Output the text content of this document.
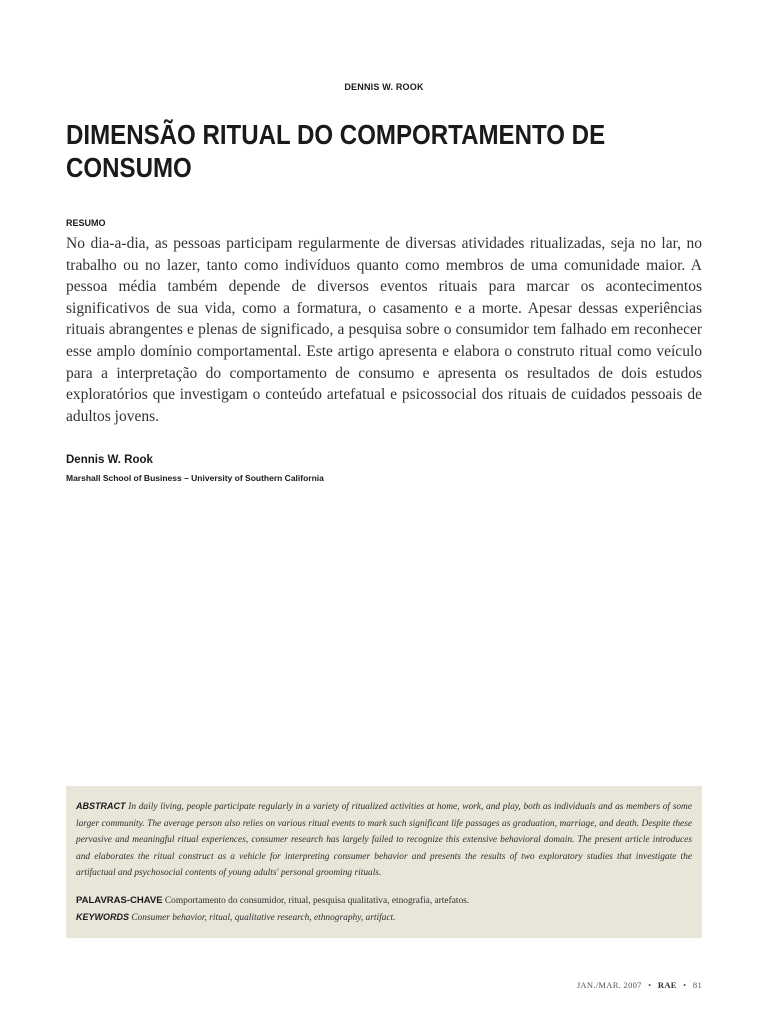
DENNIS W. ROOK
DIMENSÃO RITUAL DO COMPORTAMENTO DE CONSUMO
RESUMO

No dia-a-dia, as pessoas participam regularmente de diversas atividades ritualizadas, seja no lar, no trabalho ou no lazer, tanto como indivíduos quanto como membros de uma comunidade maior. A pessoa média também depende de diversos eventos rituais para marcar os acontecimentos significativos de sua vida, como a formatura, o casamento e a morte. Apesar dessas experiências rituais abrangentes e plenas de significado, a pesquisa sobre o consumidor tem falhado em reconhecer esse amplo domínio comportamental. Este artigo apresenta e elabora o construto ritual como veículo para a interpretação do comportamento de consumo e apresenta os resultados de dois estudos exploratórios que investigam o conteúdo artefatual e psicossocial dos rituais de cuidados pessoais de adultos jovens.

Dennis W. Rook
Marshall School of Business – University of Southern California

ABSTRACT In daily living, people participate regularly in a variety of ritualized activities at home, work, and play, both as individuals and as members of some larger community. The average person also relies on various ritual events to mark such significant life passages as graduation, marriage, and death. Despite these pervasive and meaningful ritual experiences, consumer research has largely failed to recognize this extensive behavioral domain. The present article introduces and elaborates the ritual construct as a vehicle for interpreting consumer behavior and presents the results of two exploratory studies that investigate the artifactual and psychosocial contents of young adults' personal grooming rituals.

PALAVRAS-CHAVE Comportamento do consumidor, ritual, pesquisa qualitativa, etnografia, artefatos.

KEYWORDS Consumer behavior, ritual, qualitative research, ethnography, artifact.

JAN./MAR. 2007 • RAE • 81
